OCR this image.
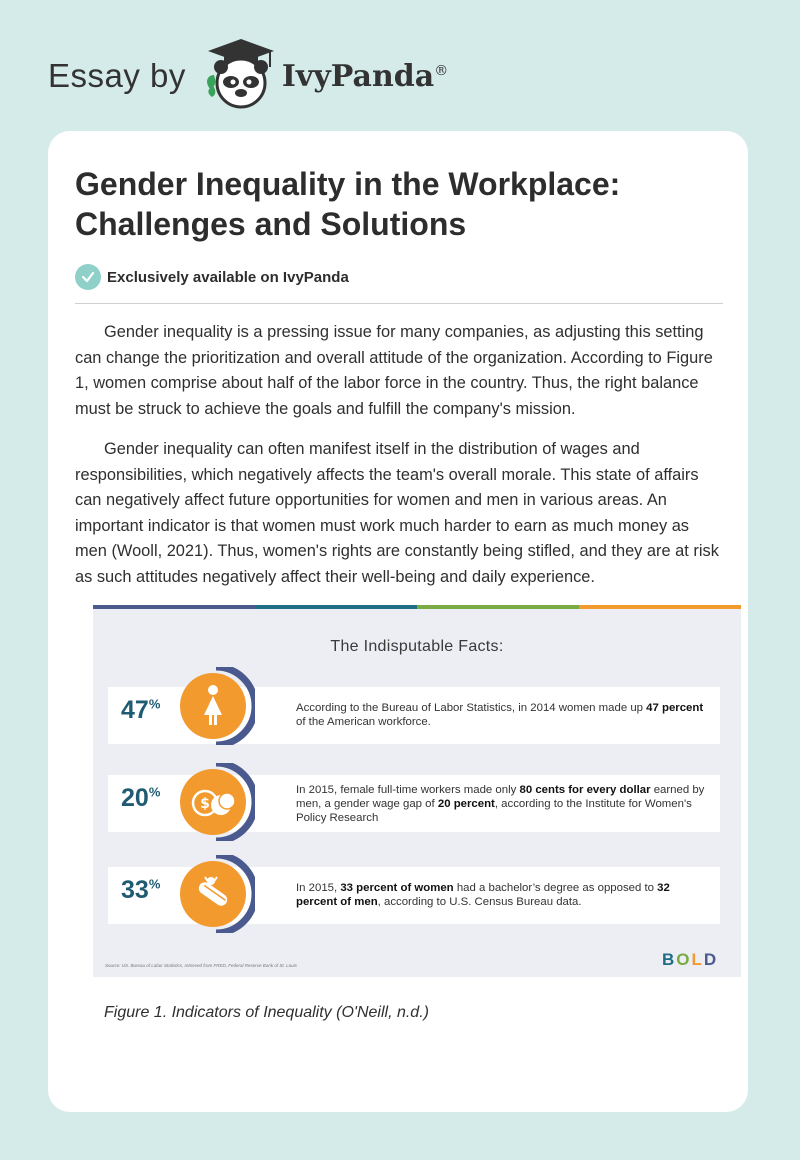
Essay by	IvyPanda®
Gender Inequality in the Workplace: Challenges and Solutions
Exclusively available on IvyPanda

Gender inequality is a pressing issue for many companies, as adjusting this setting can change the prioritization and overall attitude of the organization. According to Figure 1, women comprise about half of the labor force in the country. Thus, the right balance must be struck to achieve the goals and fulfill the company's mission.

Gender inequality can often manifest itself in the distribution of wages and responsibilities, which negatively affects the team's overall morale. This state of affairs can negatively affect future opportunities for women and men in various areas. An important indicator is that women must work much harder to earn as much money as men (Wooll, 2021). Thus, women's rights are constantly being stifled, and they are at risk as such attitudes negatively affect their well-being and daily experience.

The Indisputable Facts:
47%	According to the Bureau of Labor Statistics, in 2014 women made up 47 percent of the American workforce.
20%	In 2015, female full-time workers made only 80 cents for every dollar earned by men, a gender wage gap of 20 percent, according to the Institute for Women's Policy Research
$
33%	In 2015, 33 percent of women had a bachelor’s degree as opposed to 32 percent of men, according to U.S. Census Bureau data.
Source: US. Bureau of Labor Statistics, retrieved from FRED, Federal Reserve Bank of St. Louis	BOLD
Figure 1. Indicators of Inequality (O'Neill, n.d.)
